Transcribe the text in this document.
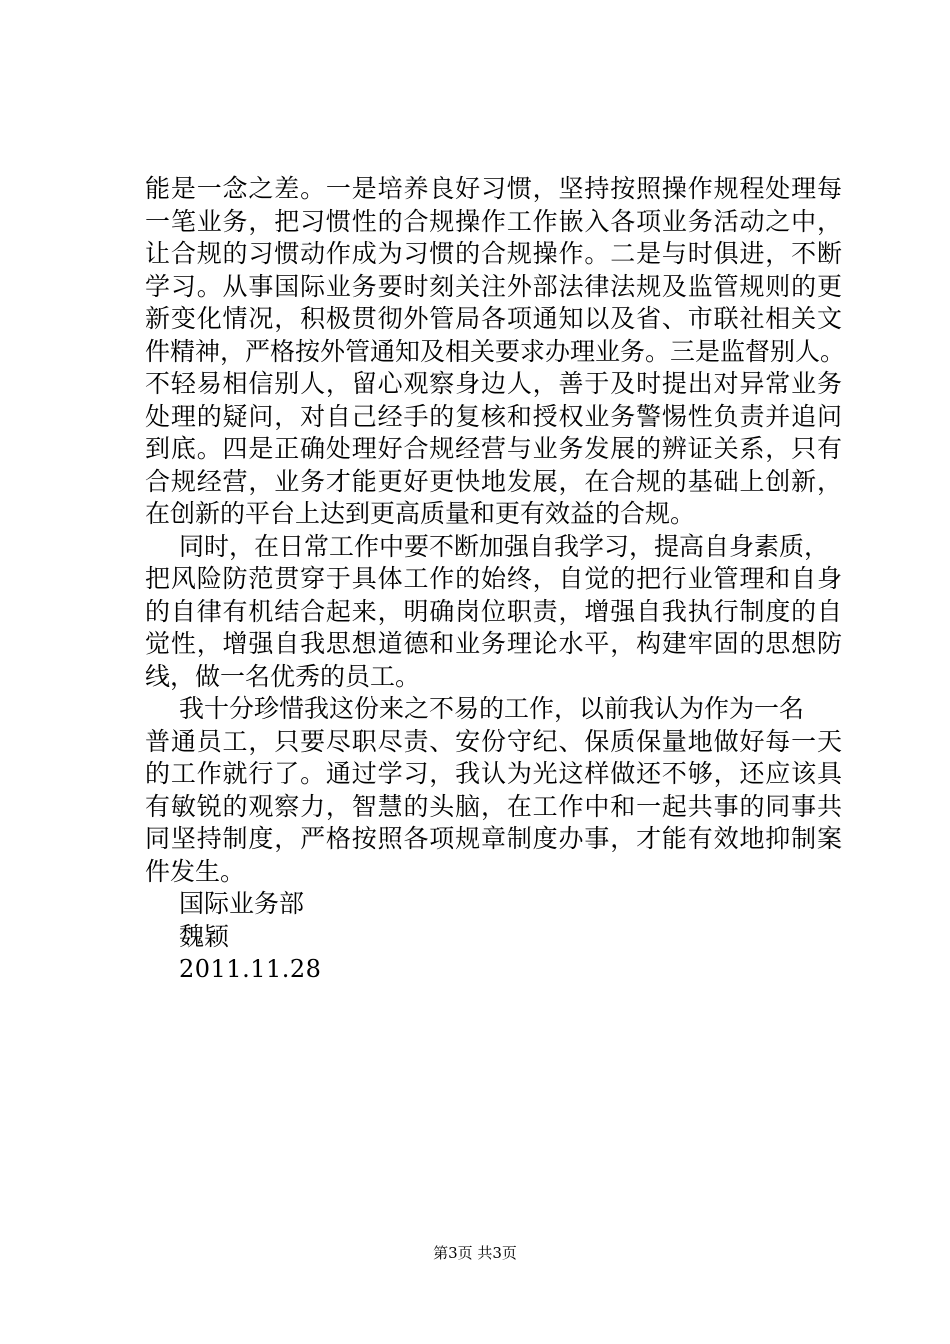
能是一念之差。一是培养良好习惯，坚持按照操作规程处理每
一笔业务，把习惯性的合规操作工作嵌入各项业务活动之中，
让合规的习惯动作成为习惯的合规操作。二是与时俱进，不断
学习。从事国际业务要时刻关注外部法律法规及监管规则的更
新变化情况，积极贯彻外管局各项通知以及省、市联社相关文
件精神，严格按外管通知及相关要求办理业务。三是监督别人。
不轻易相信别人，留心观察身边人，善于及时提出对异常业务
处理的疑问，对自己经手的复核和授权业务警惕性负责并追问
到底。四是正确处理好合规经营与业务发展的辨证关系，只有
合规经营，业务才能更好更快地发展，在合规的基础上创新，
在创新的平台上达到更高质量和更有效益的合规。
同时，在日常工作中要不断加强自我学习，提高自身素质，
把风险防范贯穿于具体工作的始终，自觉的把行业管理和自身
的自律有机结合起来，明确岗位职责，增强自我执行制度的自
觉性，增强自我思想道德和业务理论水平，构建牢固的思想防
线，做一名优秀的员工。
我十分珍惜我这份来之不易的工作，以前我认为作为一名
普通员工，只要尽职尽责、安份守纪、保质保量地做好每一天
的工作就行了。通过学习，我认为光这样做还不够，还应该具
有敏锐的观察力，智慧的头脑，在工作中和一起共事的同事共
同坚持制度，严格按照各项规章制度办事，才能有效地抑制案
件发生。
国际业务部
魏颖
2011.11.28
第3页 共3页
